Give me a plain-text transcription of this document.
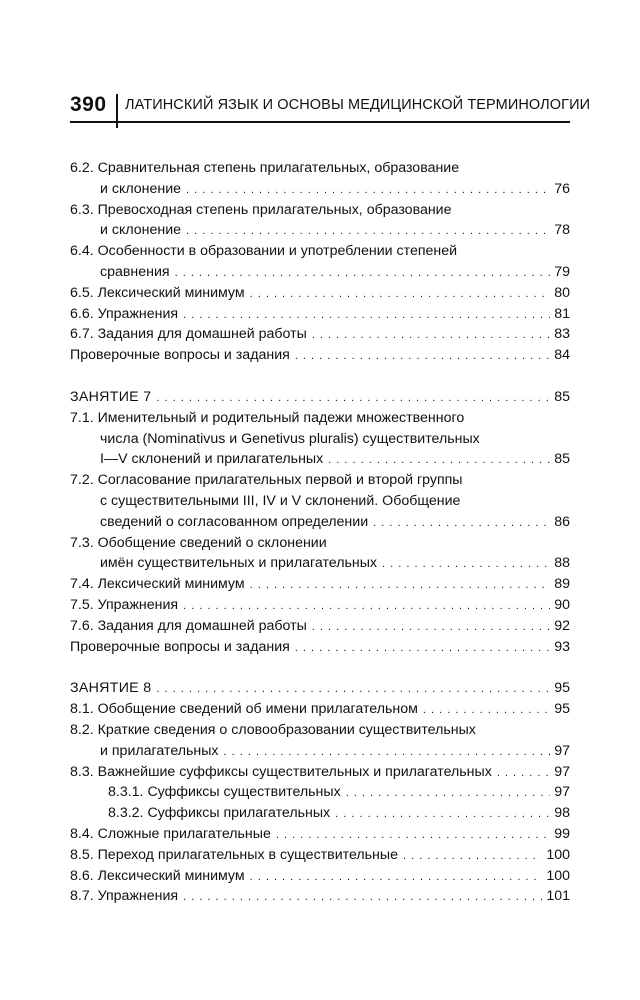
390 ЛАТИНСКИЙ ЯЗЫК И ОСНОВЫ МЕДИЦИНСКОЙ ТЕРМИНОЛОГИИ
6.2. Сравнительная степень прилагательных, образование
и склонение . . .	76
6.3. Превосходная степень прилагательных, образование
и склонение . . .	78
6.4. Особенности в образовании и употреблении степеней
сравнения . . .	79
6.5. Лексический минимум . . .	80
6.6. Упражнения . . .	81
6.7. Задания для домашней работы . . .	83
Проверочные вопросы и задания . . .	84
ЗАНЯТИЕ 7 . . .	85
7.1. Именительный и родительный падежи множественного
числа (Nominativus и Genetivus pluralis) существительных
I—V склонений и прилагательных . . .	85
7.2. Согласование прилагательных первой и второй группы
с существительными III, IV и V склонений. Обобщение
сведений о согласованном определении . . .	86
7.3. Обобщение сведений о склонении
имён существительных и прилагательных . . .	88
7.4. Лексический минимум . . .	89
7.5. Упражнения . . .	90
7.6. Задания для домашней работы . . .	92
Проверочные вопросы и задания . . .	93
ЗАНЯТИЕ 8 . . .	95
8.1. Обобщение сведений об имени прилагательном . . .	95
8.2. Краткие сведения о словообразовании существительных
и прилагательных . . .	97
8.3. Важнейшие суффиксы существительных и прилагательных . . .	97
8.3.1. Суффиксы существительных . . .	97
8.3.2. Суффиксы прилагательных . . .	98
8.4. Сложные прилагательные . . .	99
8.5. Переход прилагательных в существительные . . .	100
8.6. Лексический минимум . . .	100
8.7. Упражнения . . .	101
